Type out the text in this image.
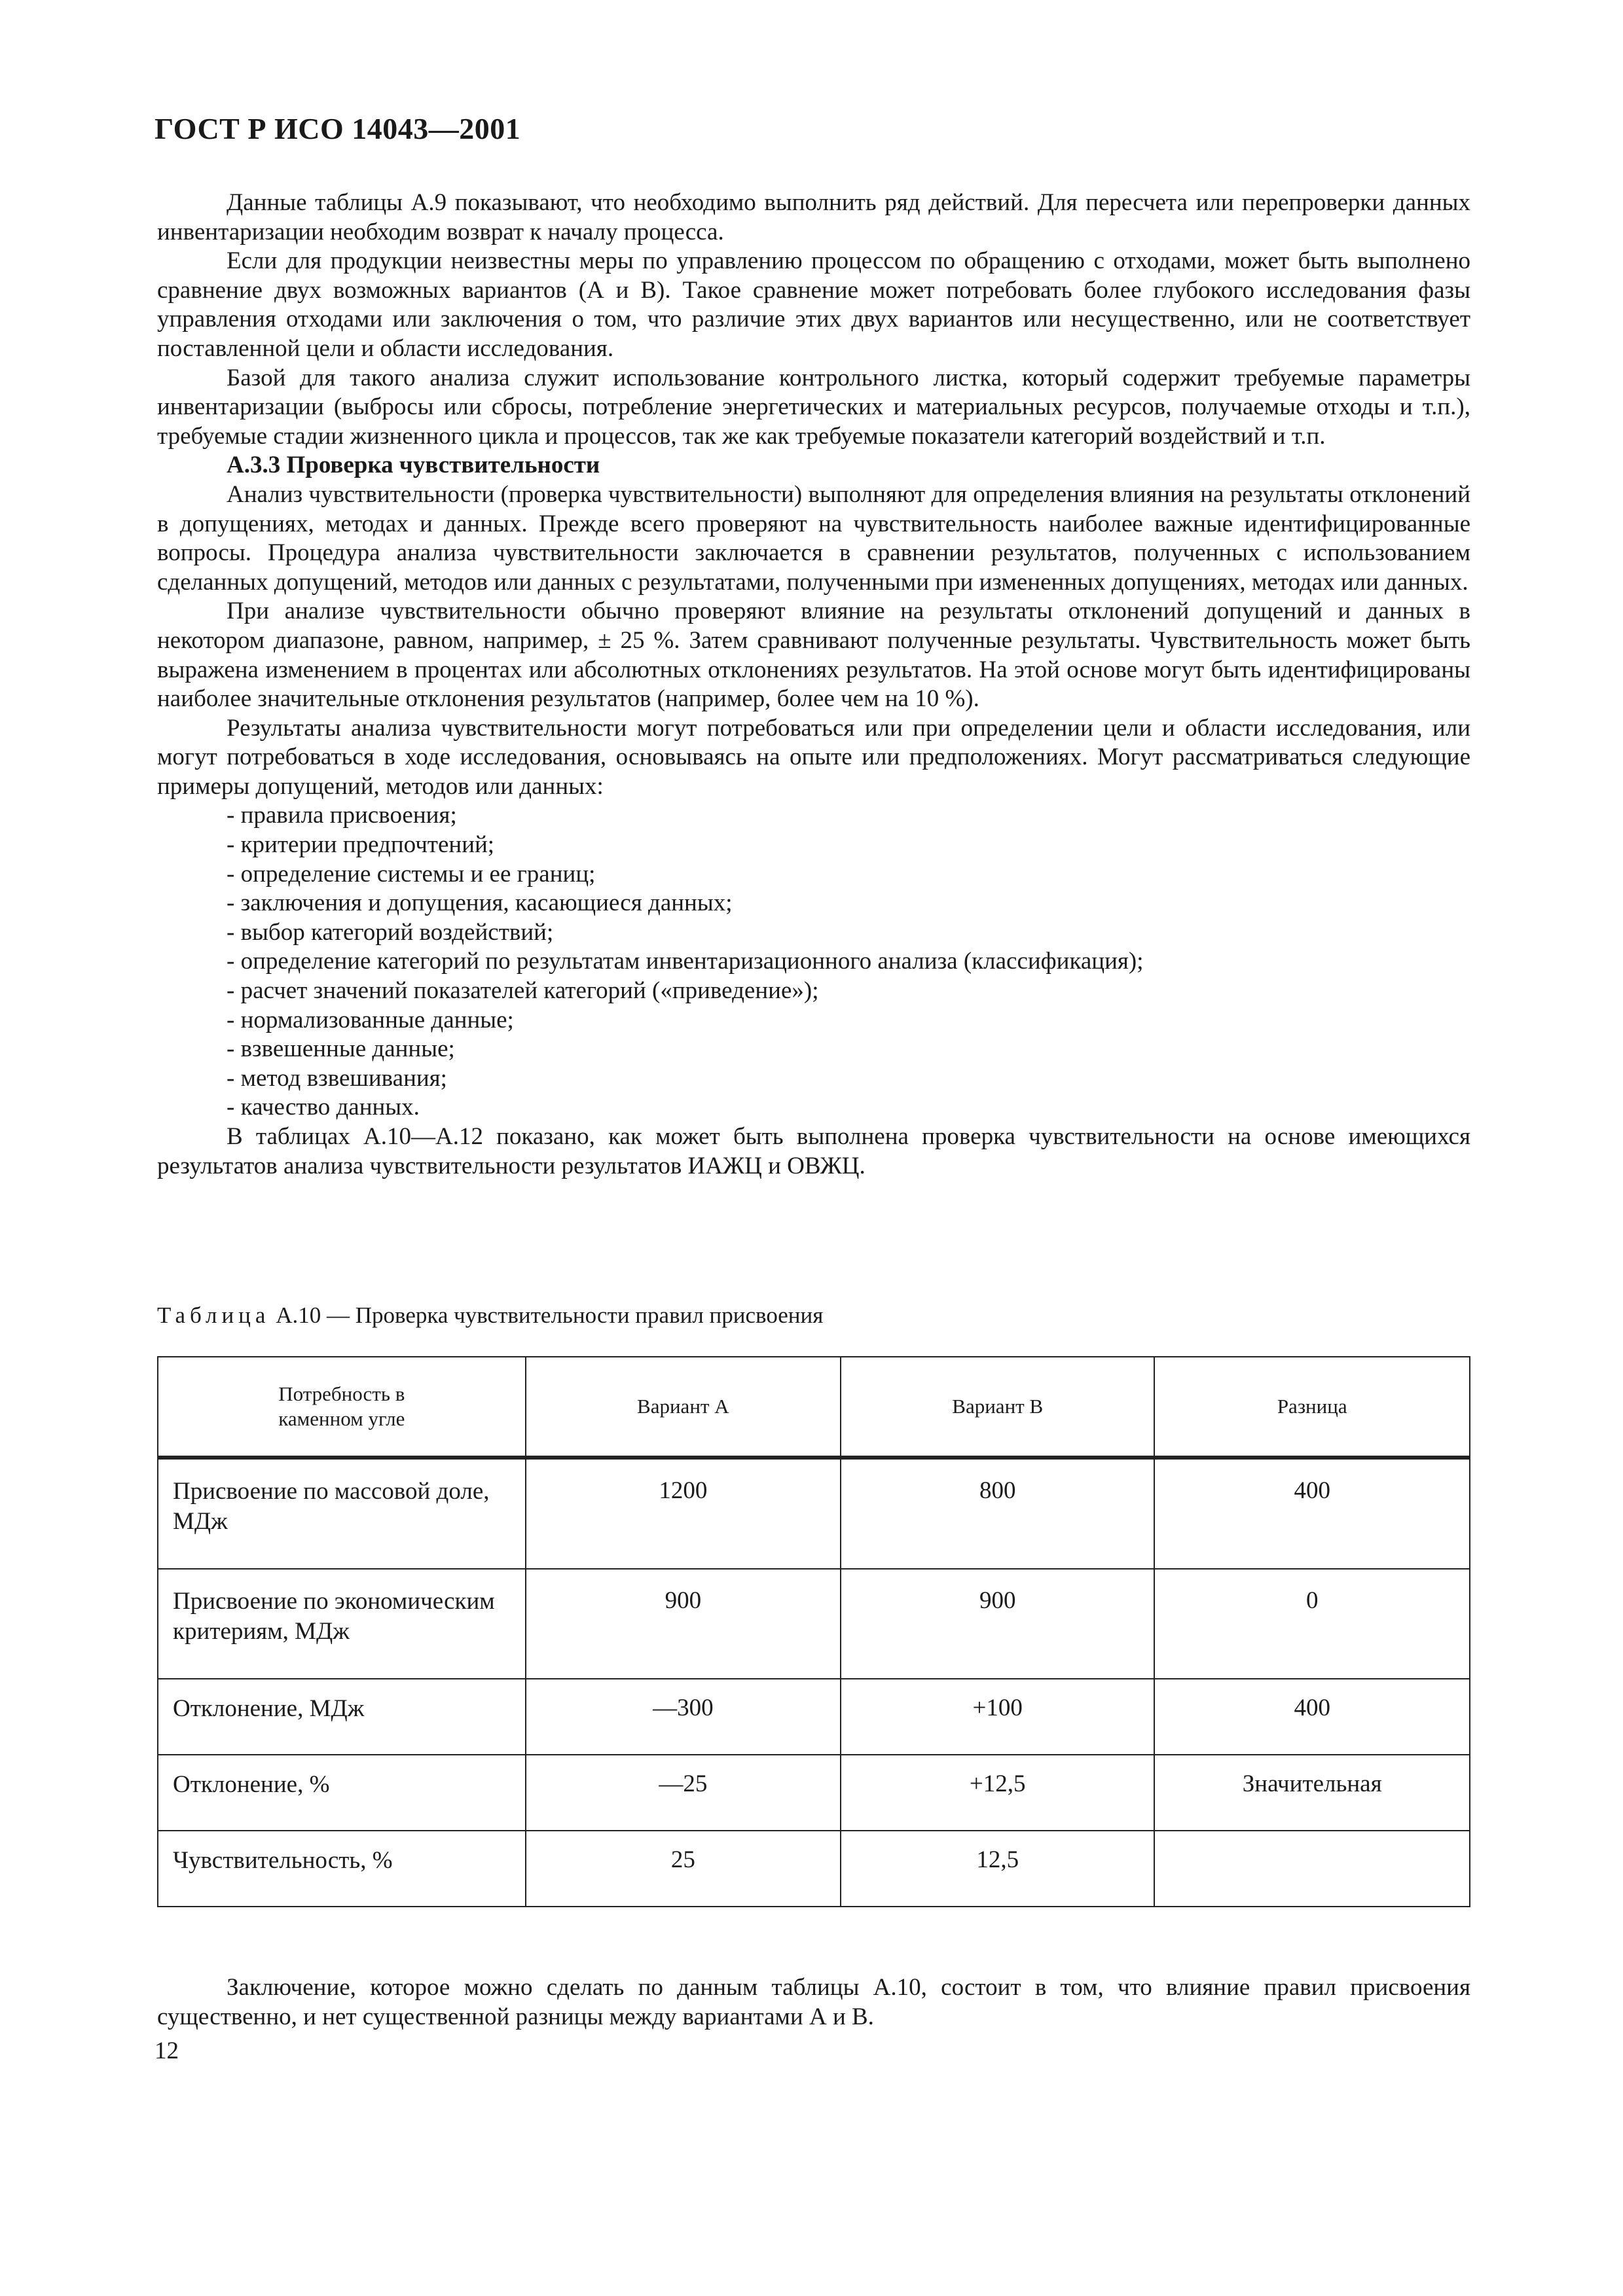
ГОСТ Р ИСО 14043—2001

Данные таблицы А.9 показывают, что необходимо выполнить ряд действий. Для пересчета или перепроверки данных инвентаризации необходим возврат к началу процесса.

Если для продукции неизвестны меры по управлению процессом по обращению с отходами, может быть выполнено сравнение двух возможных вариантов (А и В). Такое сравнение может потребовать более глубокого исследования фазы управления отходами или заключения о том, что различие этих двух вариантов или несущественно, или не соответствует поставленной цели и области исследования.

Базой для такого анализа служит использование контрольного листка, который содержит требуемые параметры инвентаризации (выбросы или сбросы, потребление энергетических и материальных ресурсов, получаемые отходы и т.п.), требуемые стадии жизненного цикла и процессов, так же как требуемые показатели категорий воздействий и т.п.

А.3.3 Проверка чувствительности

Анализ чувствительности (проверка чувствительности) выполняют для определения влияния на результаты отклонений в допущениях, методах и данных. Прежде всего проверяют на чувствительность наиболее важные идентифицированные вопросы. Процедура анализа чувствительности заключается в сравнении результатов, полученных с использованием сделанных допущений, методов или данных с результатами, полученными при измененных допущениях, методах или данных.

При анализе чувствительности обычно проверяют влияние на результаты отклонений допущений и данных в некотором диапазоне, равном, например, ± 25 %. Затем сравнивают полученные результаты. Чувствительность может быть выражена изменением в процентах или абсолютных отклонениях результатов. На этой основе могут быть идентифицированы наиболее значительные отклонения результатов (например, более чем на 10 %).

Результаты анализа чувствительности могут потребоваться или при определении цели и области исследования, или могут потребоваться в ходе исследования, основываясь на опыте или предположениях. Могут рассматриваться следующие примеры допущений, методов или данных:

- правила присвоения;
- критерии предпочтений;
- определение системы и ее границ;
- заключения и допущения, касающиеся данных;
- выбор категорий воздействий;
- определение категорий по результатам инвентаризационного анализа (классификация);
- расчет значений показателей категорий («приведение»);
- нормализованные данные;
- взвешенные данные;
- метод взвешивания;
- качество данных.

В таблицах А.10—А.12 показано, как может быть выполнена проверка чувствительности на основе имеющихся результатов анализа чувствительности результатов ИАЖЦ и ОВЖЦ.

Таблица А.10 — Проверка чувствительности правил присвоения
Потребность в каменном угле	Вариант А	Вариант В	Разница
Присвоение по массовой доле, МДж	1200	800	400
Присвоение по экономическим критериям, МДж	900	900	0
Отклонение, МДж	—300	+100	400
Отклонение, %	—25	+12,5	Значительная
Чувствительность, %	25	12,5	

Заключение, которое можно сделать по данным таблицы А.10, состоит в том, что влияние правил присвоения существенно, и нет существенной разницы между вариантами А и В.

12
